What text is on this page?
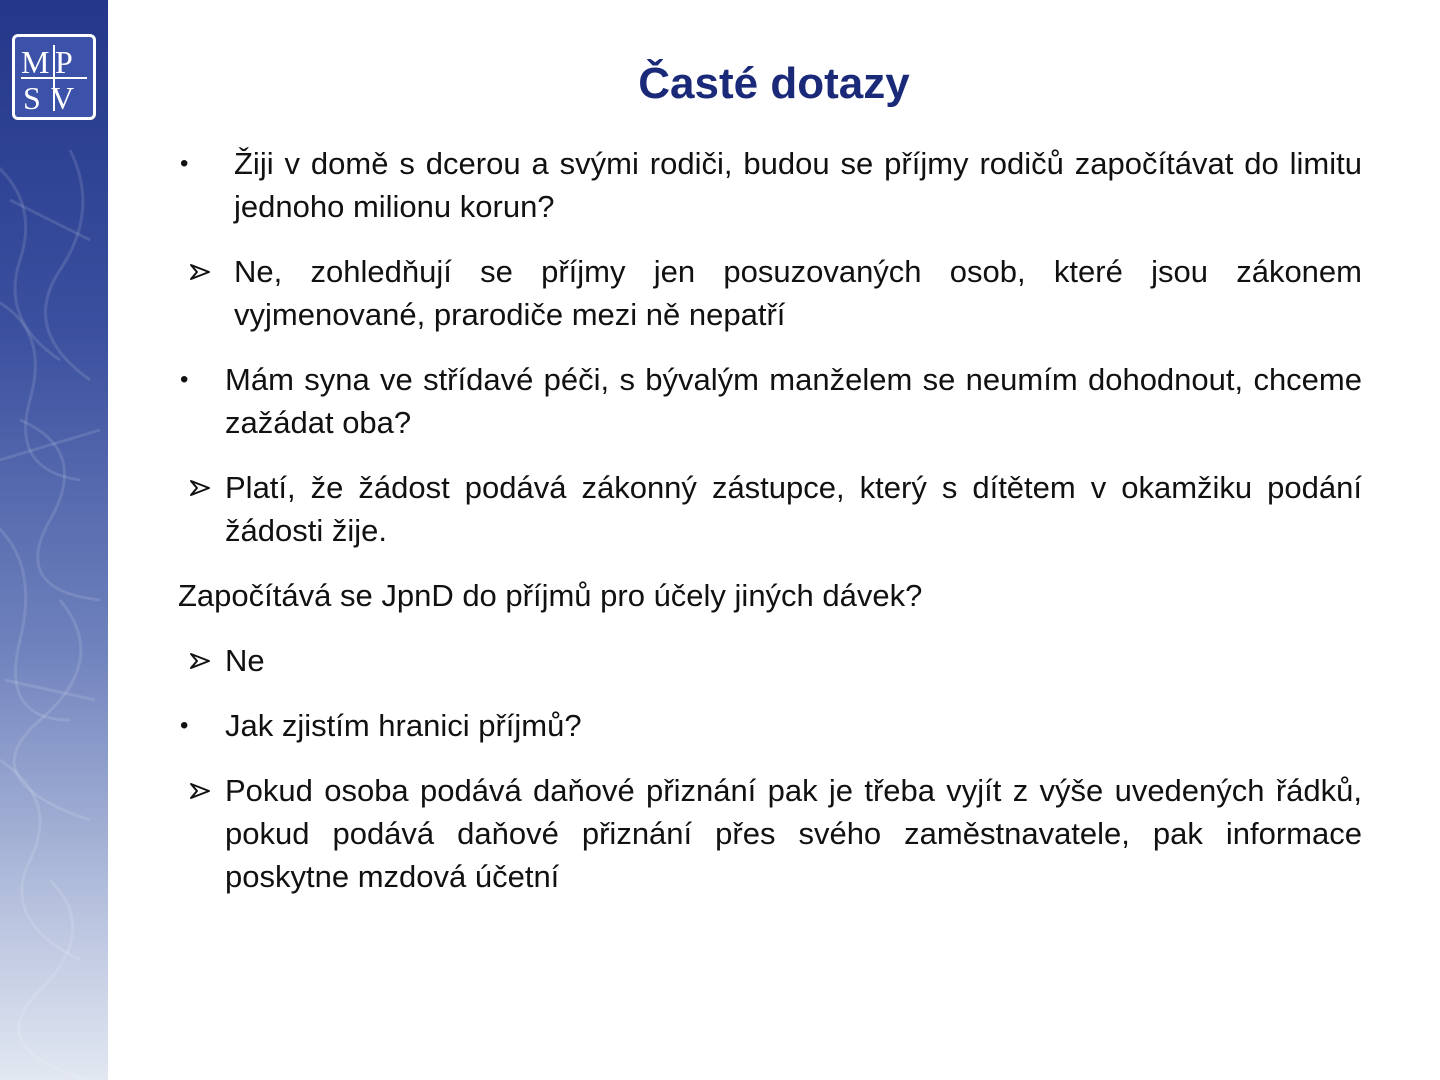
M P
S V	Časté dotazy
•	Žiji v domě s dcerou a svými rodiči, budou se příjmy rodičů započítávat do limitu jednoho milionu korun?
Ne, zohledňují se příjmy jen posuzovaných osob, které jsou zákonem vyjmenované, prarodiče mezi ně nepatří
•	Mám syna ve střídavé péči, s bývalým manželem se neumím dohodnout, chceme zažádat oba?
Platí, že žádost podává zákonný zástupce, který s dítětem v okamžiku podání žádosti žije.
Započítává se JpnD do příjmů pro účely jiných dávek?
Ne
•	Jak zjistím hranici příjmů?
Pokud osoba podává daňové přiznání pak je třeba vyjít z výše uvedených řádků, pokud podává daňové přiznání přes svého zaměstnavatele, pak informace poskytne mzdová účetní
